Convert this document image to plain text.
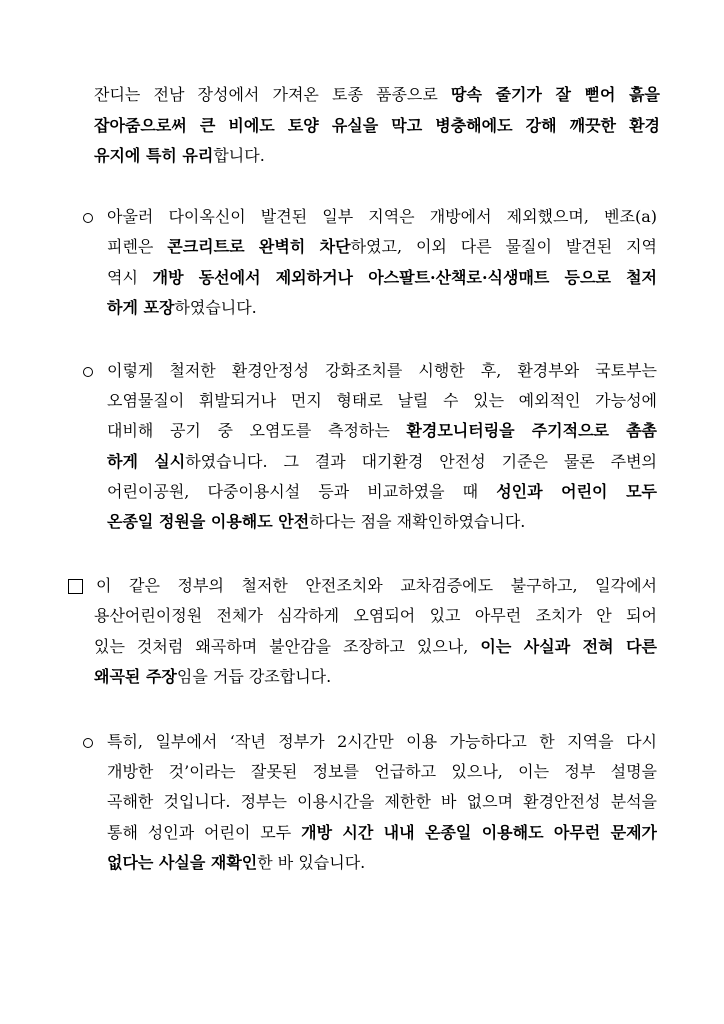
잔디는 전남 장성에서 가져온 토종 품종으로 땅속 줄기가 잘 뻗어 흙을
잡아줌으로써 큰 비에도 토양 유실을 막고 병충해에도 강해 깨끗한 환경
유지에 특히 유리합니다.
아울러 다이옥신이 발견된 일부 지역은 개방에서 제외했으며, 벤조(a)
피렌은 콘크리트로 완벽히 차단하였고, 이외 다른 물질이 발견된 지역
역시 개방 동선에서 제외하거나 아스팔트·산책로·식생매트 등으로 철저
하게 포장하였습니다.
이렇게 철저한 환경안정성 강화조치를 시행한 후, 환경부와 국토부는
오염물질이 휘발되거나 먼지 형태로 날릴 수 있는 예외적인 가능성에
대비해 공기 중 오염도를 측정하는 환경모니터링을 주기적으로 촘촘
하게 실시하였습니다. 그 결과 대기환경 안전성 기준은 물론 주변의
어린이공원, 다중이용시설 등과 비교하였을 때 성인과 어린이 모두
온종일 정원을 이용해도 안전하다는 점을 재확인하였습니다.
이 같은 정부의 철저한 안전조치와 교차검증에도 불구하고, 일각에서
용산어린이정원 전체가 심각하게 오염되어 있고 아무런 조치가 안 되어
있는 것처럼 왜곡하며 불안감을 조장하고 있으나, 이는 사실과 전혀 다른
왜곡된 주장임을 거듭 강조합니다.
특히, 일부에서 ‘작년 정부가 2시간만 이용 가능하다고 한 지역을 다시
개방한 것’이라는 잘못된 정보를 언급하고 있으나, 이는 정부 설명을
곡해한 것입니다. 정부는 이용시간을 제한한 바 없으며 환경안전성 분석을
통해 성인과 어린이 모두 개방 시간 내내 온종일 이용해도 아무런 문제가
없다는 사실을 재확인한 바 있습니다.
